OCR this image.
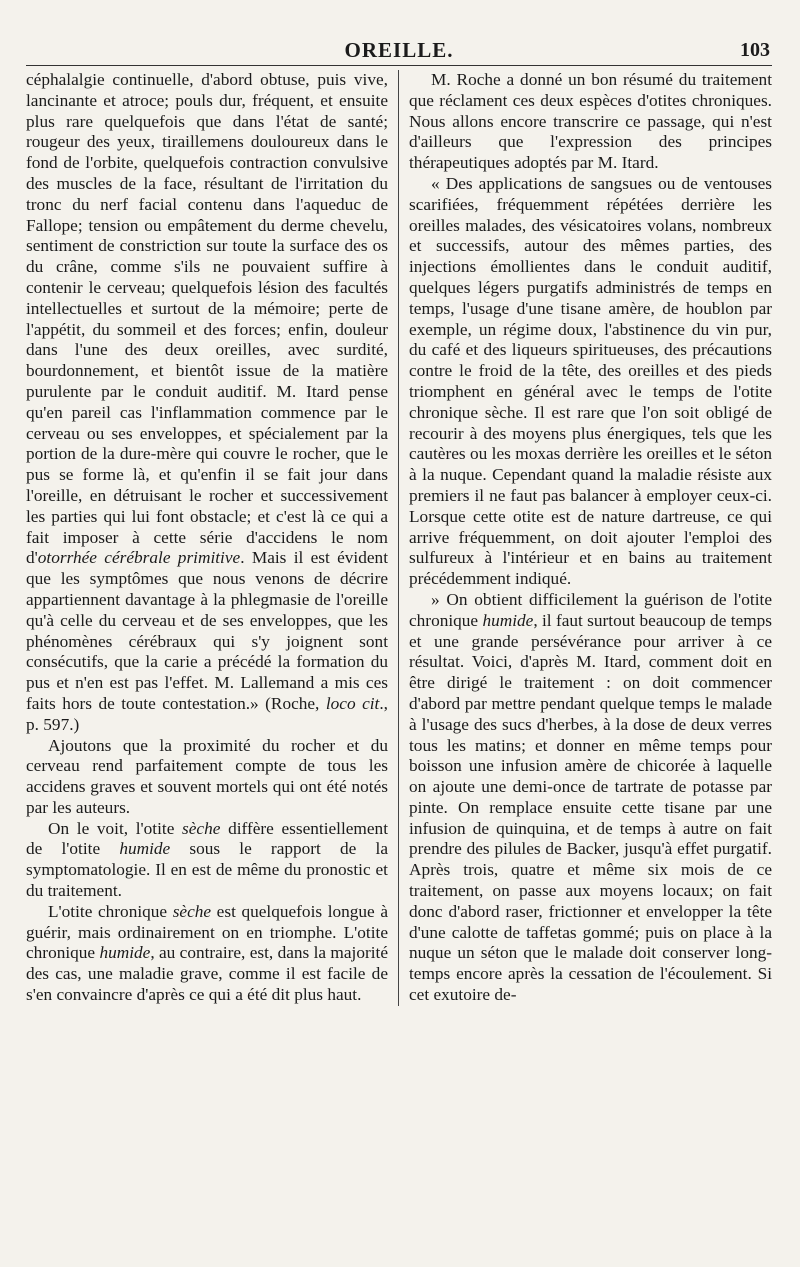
OREILLE.	103

céphalalgie continuelle, d'abord obtuse, puis vive, lancinante et atroce; pouls dur, fréquent, et ensuite plus rare quelquefois que dans l'état de santé; rougeur des yeux, tiraillemens douloureux dans le fond de l'orbite, quelquefois contraction convulsive des muscles de la face, résultant de l'irritation du tronc du nerf facial contenu dans l'aqueduc de Fallope; tension ou empâtement du derme chevelu, sentiment de constriction sur toute la surface des os du crâne, comme s'ils ne pouvaient suffire à contenir le cerveau; quelquefois lésion des facultés intellectuelles et surtout de la mémoire; perte de l'appétit, du sommeil et des forces; enfin, douleur dans l'une des deux oreilles, avec surdité, bourdonnement, et bientôt issue de la matière purulente par le conduit auditif. M. Itard pense qu'en pareil cas l'inflammation commence par le cerveau ou ses enveloppes, et spécialement par la portion de la dure-mère qui couvre le rocher, que le pus se forme là, et qu'enfin il se fait jour dans l'oreille, en détruisant le rocher et successivement les parties qui lui font obstacle; et c'est là ce qui a fait imposer à cette série d'accidens le nom d'otorrhée cérébrale primitive. Mais il est évident que les symptômes que nous venons de décrire appartiennent davantage à la phlegmasie de l'oreille qu'à celle du cerveau et de ses enveloppes, que les phénomènes cérébraux qui s'y joignent sont consécutifs, que la carie a précédé la formation du pus et n'en est pas l'effet. M. Lallemand a mis ces faits hors de toute contestation.» (Roche, loco cit., p. 597.)

Ajoutons que la proximité du rocher et du cerveau rend parfaitement compte de tous les accidens graves et souvent mortels qui ont été notés par les auteurs.

On le voit, l'otite sèche diffère essentiellement de l'otite humide sous le rapport de la symptomatologie. Il en est de même du pronostic et du traitement.

L'otite chronique sèche est quelquefois longue à guérir, mais ordinairement on en triomphe. L'otite chronique humide, au contraire, est, dans la majorité des cas, une maladie grave, comme il est facile de s'en convaincre d'après ce qui a été dit plus haut.

M. Roche a donné un bon résumé du traitement que réclament ces deux espèces d'otites chroniques. Nous allons encore transcrire ce passage, qui n'est d'ailleurs que l'expression des principes thérapeutiques adoptés par M. Itard.

« Des applications de sangsues ou de ventouses scarifiées, fréquemment répétées derrière les oreilles malades, des vésicatoires volans, nombreux et successifs, autour des mêmes parties, des injections émollientes dans le conduit auditif, quelques légers purgatifs administrés de temps en temps, l'usage d'une tisane amère, de houblon par exemple, un régime doux, l'abstinence du vin pur, du café et des liqueurs spiritueuses, des précautions contre le froid de la tête, des oreilles et des pieds triomphent en général avec le temps de l'otite chronique sèche. Il est rare que l'on soit obligé de recourir à des moyens plus énergiques, tels que les cautères ou les moxas derrière les oreilles et le séton à la nuque. Cependant quand la maladie résiste aux premiers il ne faut pas balancer à employer ceux-ci. Lorsque cette otite est de nature dartreuse, ce qui arrive fréquemment, on doit ajouter l'emploi des sulfureux à l'intérieur et en bains au traitement précédemment indiqué.

» On obtient difficilement la guérison de l'otite chronique humide, il faut surtout beaucoup de temps et une grande persévérance pour arriver à ce résultat. Voici, d'après M. Itard, comment doit en être dirigé le traitement : on doit commencer d'abord par mettre pendant quelque temps le malade à l'usage des sucs d'herbes, à la dose de deux verres tous les matins; et donner en même temps pour boisson une infusion amère de chicorée à laquelle on ajoute une demi-once de tartrate de potasse par pinte. On remplace ensuite cette tisane par une infusion de quinquina, et de temps à autre on fait prendre des pilules de Backer, jusqu'à effet purgatif. Après trois, quatre et même six mois de ce traitement, on passe aux moyens locaux; on fait donc d'abord raser, frictionner et envelopper la tête d'une calotte de taffetas gommé; puis on place à la nuque un séton que le malade doit conserver long-temps encore après la cessation de l'écoulement. Si cet exutoire de-
